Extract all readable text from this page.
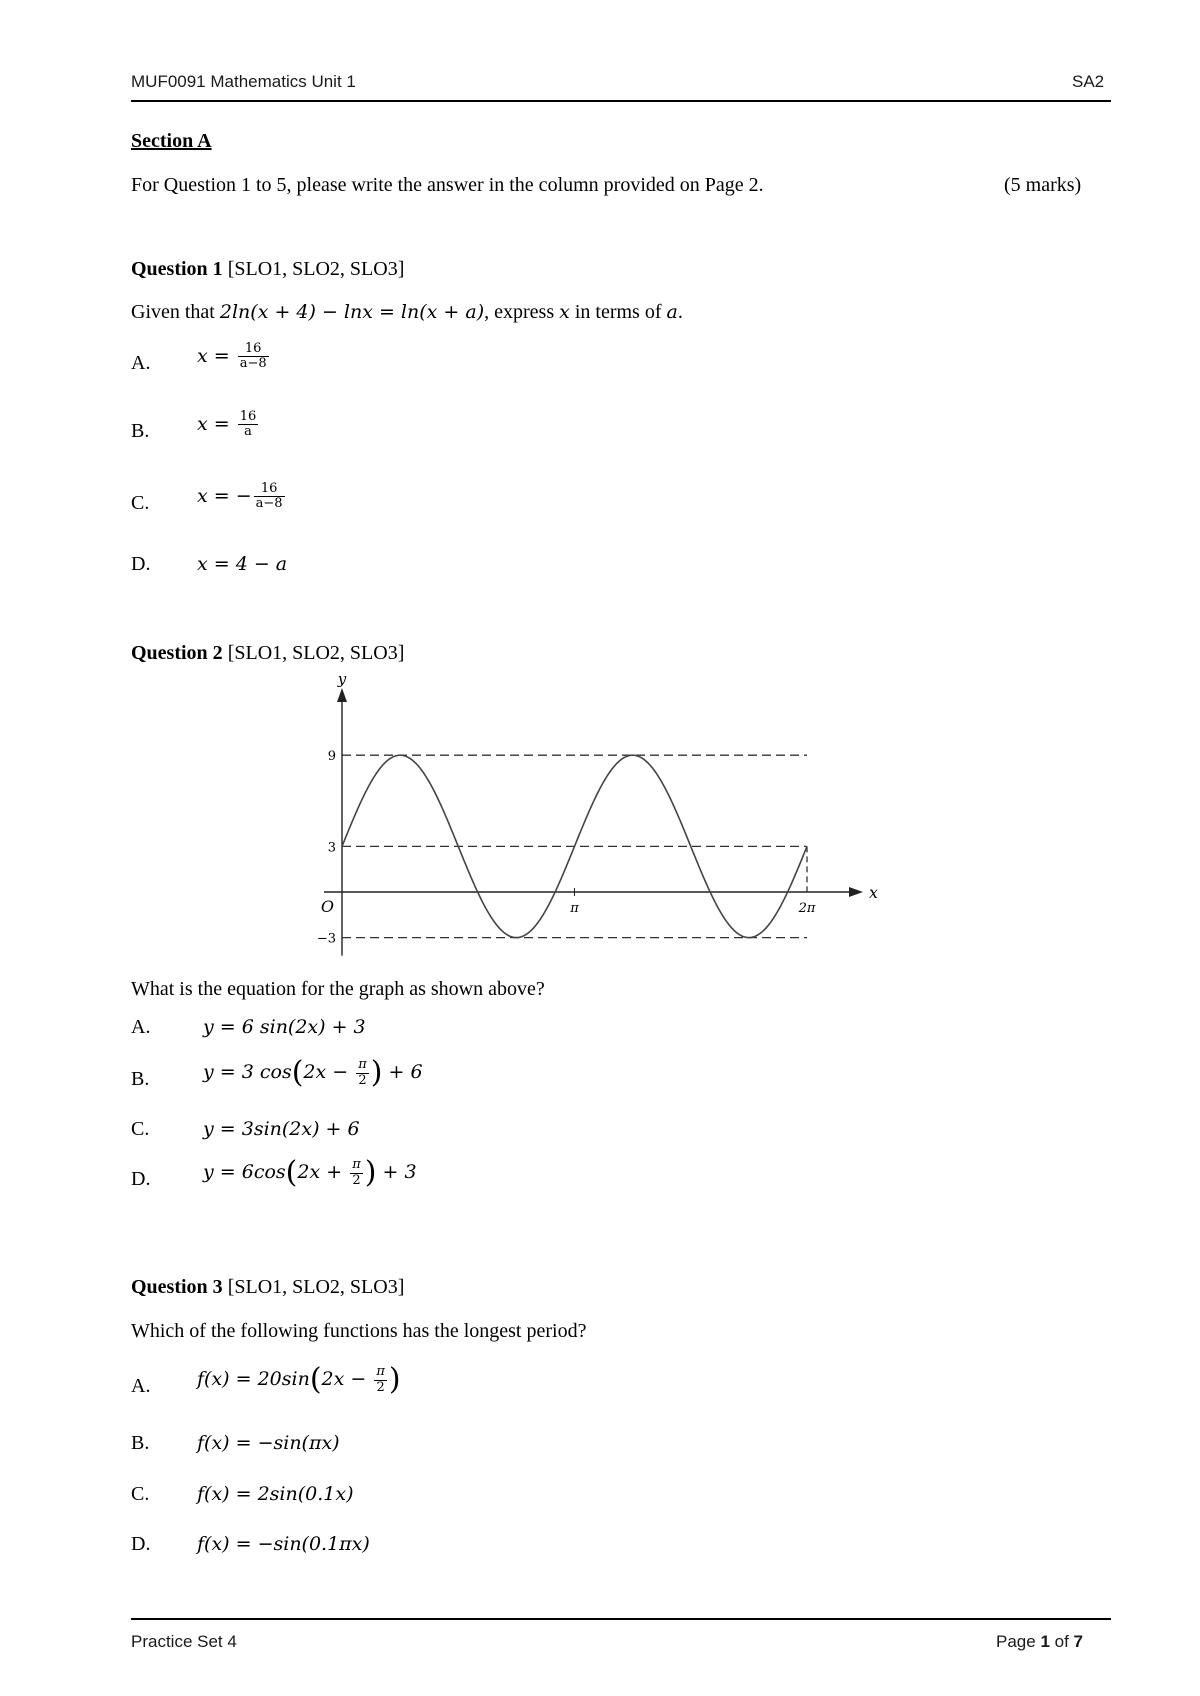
MUF0091 Mathematics Unit 1	SA2
Section A
For Question 1 to 5, please write the answer in the column provided on Page 2.	(5 marks)
Question 1 [SLO1, SLO2, SLO3]
Given that 2ln(x + 4) − lnx = ln(x + a), express x in terms of a.
A.	$x = \frac{16}{a-8}$
B.	$x = \frac{16}{a}$
C.	x = − $\frac{16}{a-8}$
D.	x = 4 − a
Question 2 [SLO1, SLO2, SLO3]
9
3
−3
π	2π
O
x
y
What is the equation for the graph as shown above?
A.	y = 6 sin(2x) + 3
B.	y = 3 $\cos(2x - \frac{\pi}{2}$ ) + 6
C.	y = 3sin(2x) + 6
D.	$y = 6\cos(2x + \frac{\pi}{2}$ ) + 3
Question 3 [SLO1, SLO2, SLO3]
Which of the following functions has the longest period?
A.	$f(x) = 20\sin(2x - \frac{\pi}{2}$ )
B.	f(x) = −sin(πx)
C.	f(x) = 2sin(0.1x)
D.	f(x) = −sin(0.1πx)
Practice Set 4	Page 1 of 7
